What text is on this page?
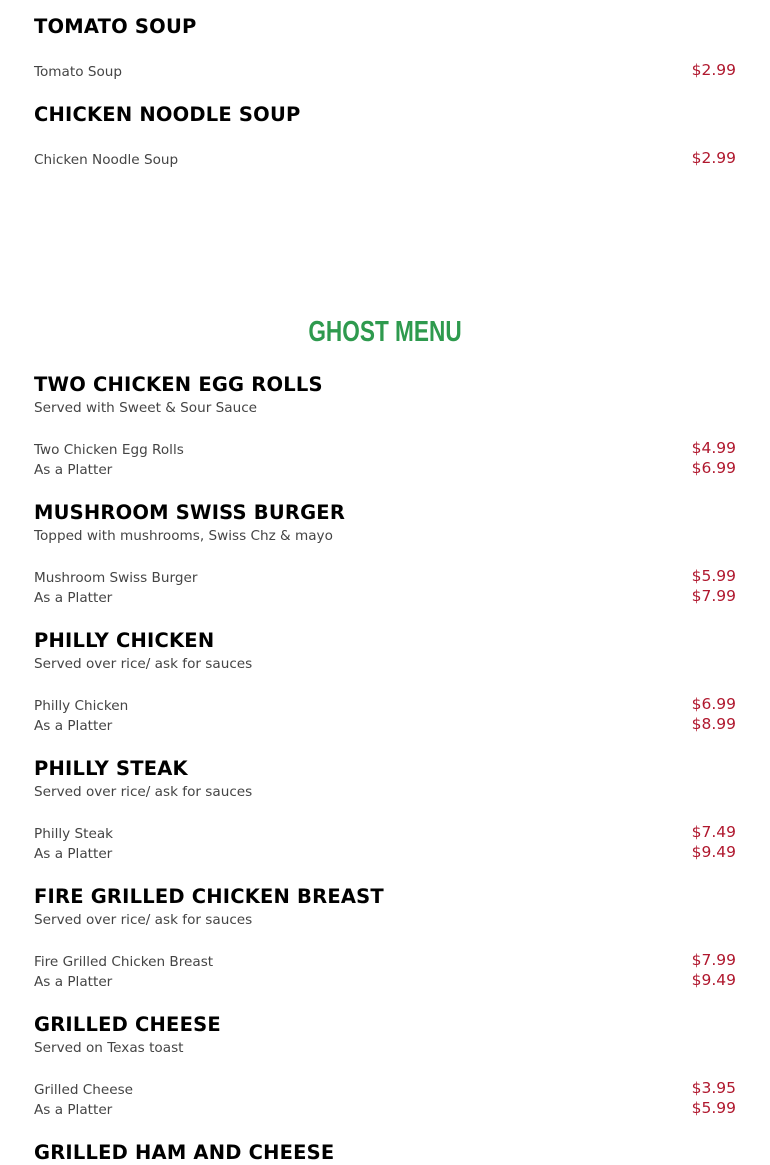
TOMATO SOUP
Tomato Soup	$2.99
CHICKEN NOODLE SOUP
Chicken Noodle Soup	$2.99
GHOST MENU
TWO CHICKEN EGG ROLLS
Served with Sweet & Sour Sauce
Two Chicken Egg Rolls	$4.99
As a Platter	$6.99
MUSHROOM SWISS BURGER
Topped with mushrooms, Swiss Chz & mayo
Mushroom Swiss Burger	$5.99
As a Platter	$7.99
PHILLY CHICKEN
Served over rice/ ask for sauces
Philly Chicken	$6.99
As a Platter	$8.99
PHILLY STEAK
Served over rice/ ask for sauces
Philly Steak	$7.49
As a Platter	$9.49
FIRE GRILLED CHICKEN BREAST
Served over rice/ ask for sauces
Fire Grilled Chicken Breast	$7.99
As a Platter	$9.49
GRILLED CHEESE
Served on Texas toast
Grilled Cheese	$3.95
As a Platter	$5.99
GRILLED HAM AND CHEESE
